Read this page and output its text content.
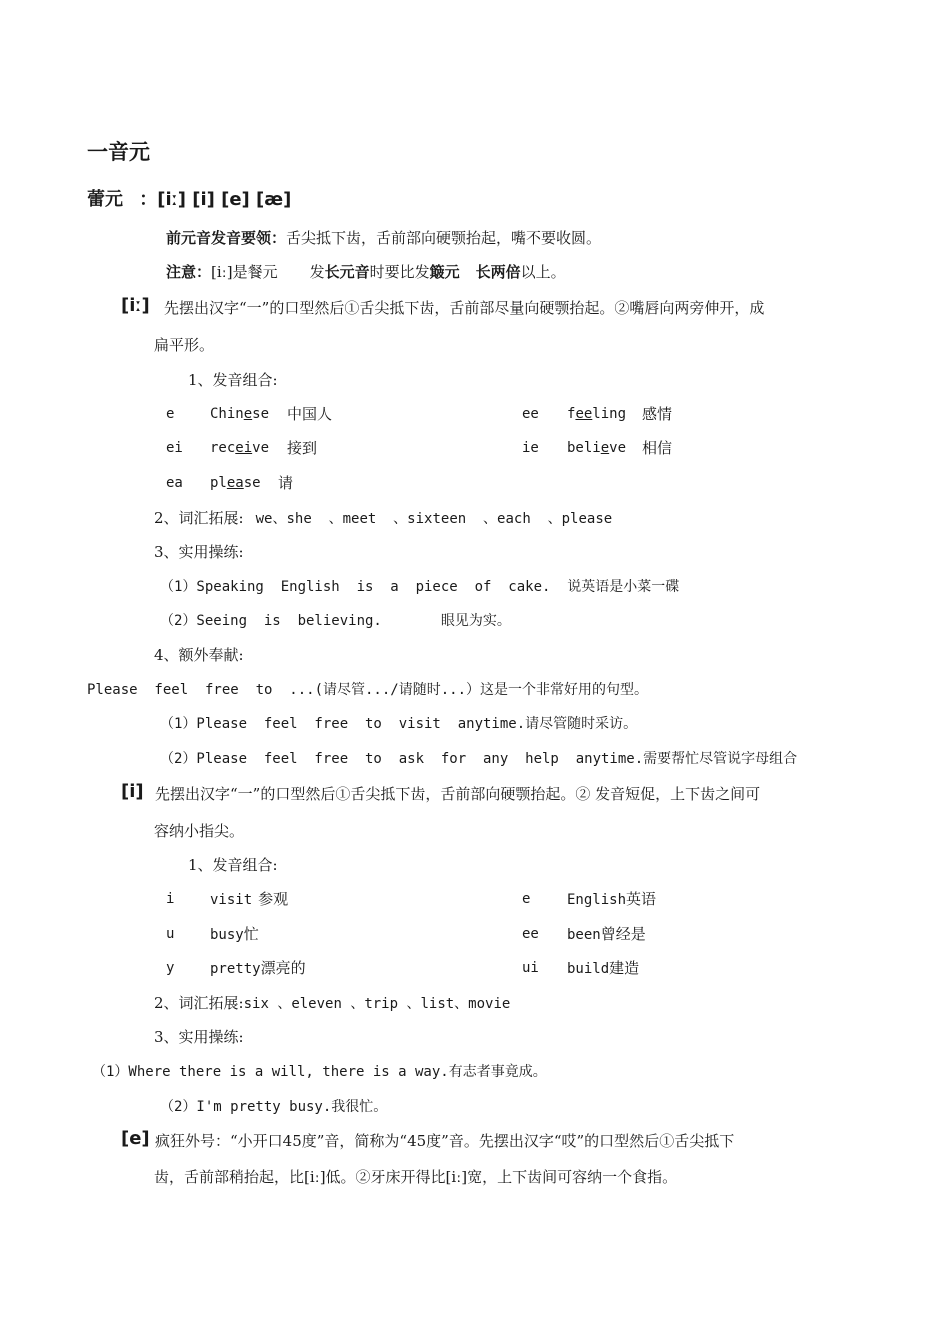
一音元
蕾元 ：[iː] [i] [e] [æ]
前元音发音要领：舌尖抵下齿，舌前部向硬颚抬起，嘴不要收圆。
注意：[iː]是餐元 发长元音时要比发簸元 长两倍以上。
[iː] 先摆出汉字“一”的口型然后①舌尖抵下齿，舌前部尽量向硬颚抬起。②嘴唇向两旁伸开，成
扁平形。
1、发音组合:
e	Chinese 中国人	ee feeling 感情
ei receive 接到	ie believe 相信
ea please 请
2、词汇拓展: we、she  、meet  、sixteen  、each  、please
3、实用操练:
（1）Speaking  English  is  a  piece  of  cake.  说英语是小菜一碟
（2）Seeing  is  believing.       眼见为实。
4、额外奉献:
Please  feel  free  to  ...(请尽管.../请随时...）这是一个非常好用的句型。
（1）Please  feel  free  to  visit  anytime.请尽管随时采访。
（2）Please  feel  free  to  ask  for  any  help  anytime.需要帮忙尽管说字母组合
[i] 先摆出汉字“一”的口型然后①舌尖抵下齿，舌前部向硬颚抬起。② 发音短促，上下齿之间可
容纳小指尖。
1、发音组合:
i	visit 参观	e	English英语
u	busy忙	ee been曾经是
y	pretty漂亮的	ui build建造
2、词汇拓展:six 、eleven 、trip 、list、movie
3、实用操练:
（1）Where there is a will, there is a way.有志者事竟成。
（2）I'm pretty busy.我很忙。
[e] 疯狂外号：“小开口45度”音，简称为“45度”音。先摆出汉字“哎”的口型然后①舌尖抵下
齿，舌前部稍抬起，比[iː]低。②牙床开得比[iː]宽，上下齿间可容纳一个食指。
